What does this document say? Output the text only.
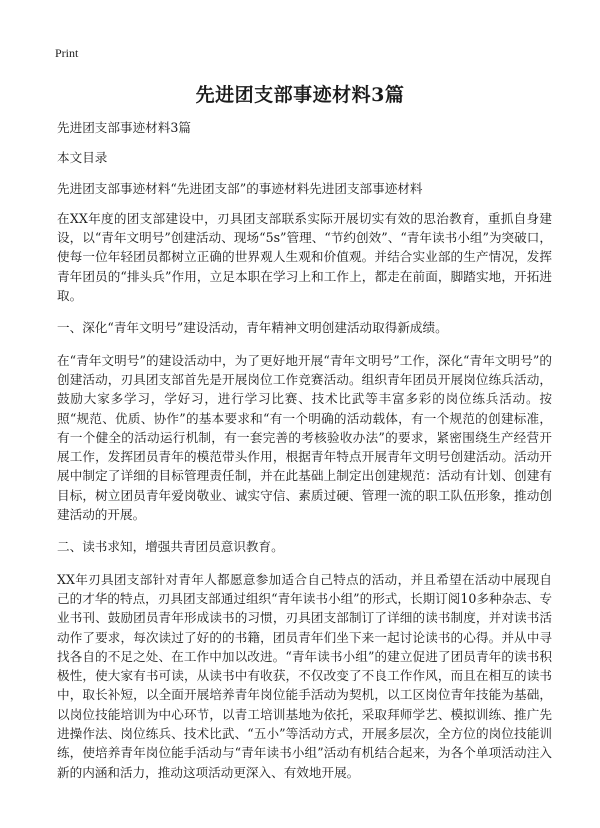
Print
先进团支部事迹材料3篇

先进团支部事迹材料3篇

本文目录

先进团支部事迹材料“先进团支部”的事迹材料先进团支部事迹材料

在XX年度的团支部建设中，刃具团支部联系实际开展切实有效的思治教育，重抓自身建设，以“青年文明号”创建活动、现场“5s”管理、“节约创效”、“青年读书小组”为突破口，使每一位年轻团员都树立正确的世界观人生观和价值观。并结合实业部的生产情况，发挥青年团员的“排头兵”作用，立足本职在学习上和工作上，都走在前面，脚踏实地，开拓进取。

一、深化“青年文明号”建设活动，青年精神文明创建活动取得新成绩。

在“青年文明号”的建设活动中，为了更好地开展“青年文明号”工作，深化“青年文明号”的创建活动，刃具团支部首先是开展岗位工作竞赛活动。组织青年团员开展岗位练兵活动，鼓励大家多学习，学好习，进行学习比赛、技术比武等丰富多彩的岗位练兵活动。按照“规范、优质、协作”的基本要求和“有一个明确的活动载体，有一个规范的创建标准，有一个健全的活动运行机制，有一套完善的考核验收办法”的要求，紧密围绕生产经营开展工作，发挥团员青年的模范带头作用，根据青年特点开展青年文明号创建活动。活动开展中制定了详细的目标管理责任制，并在此基础上制定出创建规范：活动有计划、创建有目标，树立团员青年爱岗敬业、诚实守信、素质过硬、管理一流的职工队伍形象，推动创建活动的开展。

二、读书求知，增强共青团员意识教育。

XX年刃具团支部针对青年人都愿意参加适合自己特点的活动，并且希望在活动中展现自己的才华的特点，刃具团支部通过组织“青年读书小组”的形式，长期订阅10多种杂志、专业书刊、鼓励团员青年形成读书的习惯，刃具团支部制订了详细的读书制度，并对读书活动作了要求，每次读过了好的的书籍，团员青年们坐下来一起讨论读书的心得。并从中寻找各自的不足之处、在工作中加以改进。“青年读书小组”的建立促进了团员青年的读书积极性，使大家有书可读，从读书中有收获，不仅改变了不良工作作风，而且在相互的读书中，取长补短，以全面开展培养青年岗位能手活动为契机，以工区岗位青年技能为基础，以岗位技能培训为中心环节，以青工培训基地为依托，采取拜师学艺、模拟训练、推广先进操作法、岗位练兵、技术比武、“五小”等活动方式，开展多层次，全方位的岗位技能训练，使培养青年岗位能手活动与“青年读书小组”活动有机结合起来，为各个单项活动注入新的内涵和活力，推动这项活动更深入、有效地开展。
